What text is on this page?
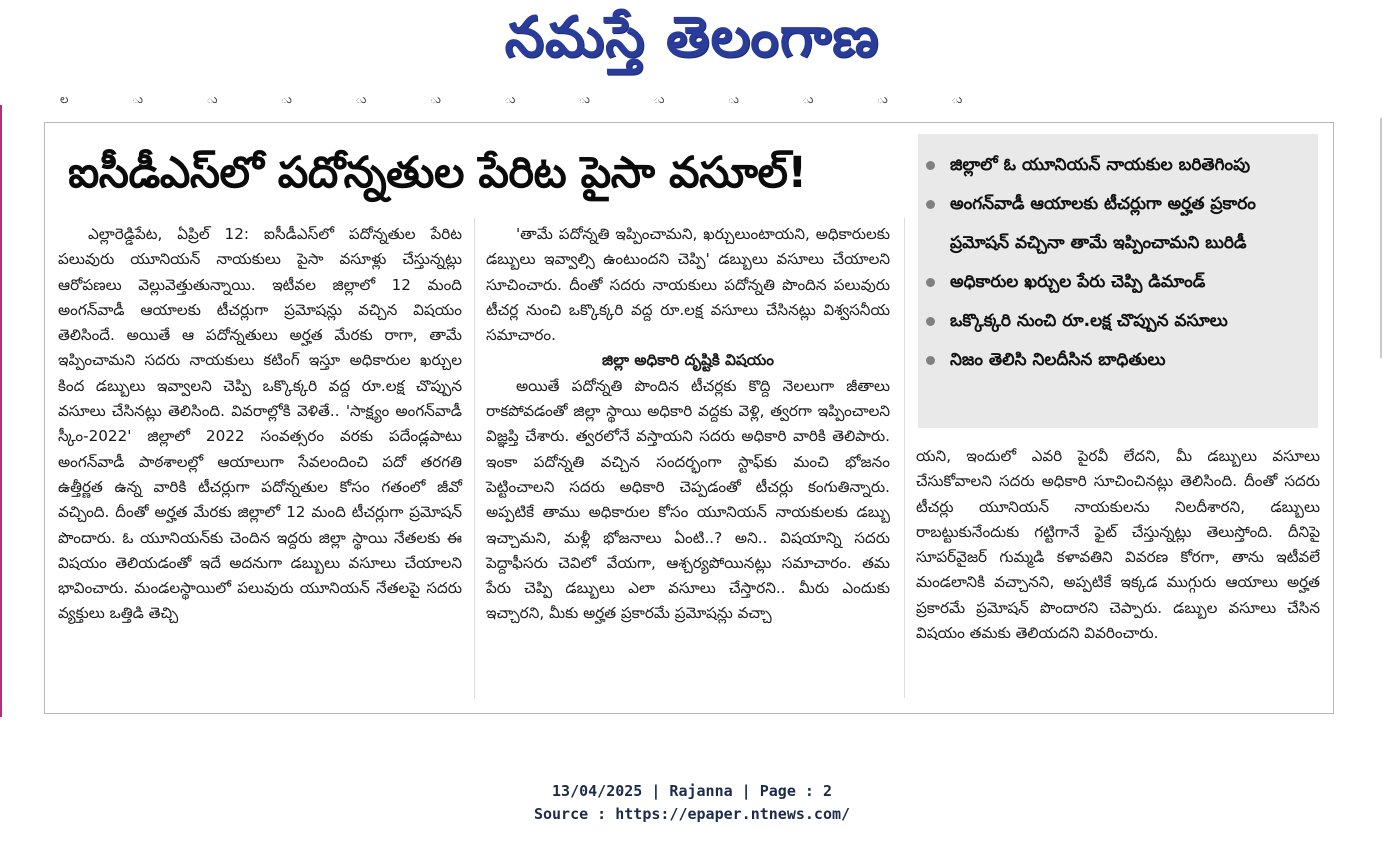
నమస్తే తెలంగాణ
ల ు ు ు ు ు ు ు ు ు ు ు ు
ఐసీడీఎస్‌లో పదోన్నతుల పేరిట పైసా వసూల్‌!	జిల్లాలో ఓ యూనియన్‌ నాయకుల బరితెగింపు
అంగన్‌వాడీ ఆయాలకు టీచర్లుగా అర్హత ప్రకారం ప్రమోషన్‌ వచ్చినా తామే ఇప్పించామని బురిడీ
అధికారుల ఖర్చుల పేరు చెప్పి డిమాండ్‌
ఒక్కొక్కరి నుంచి రూ.లక్ష చొప్పున వసూలు
నిజం తెలిసి నిలదీసిన బాధితులు

ఎల్లారెడ్డిపేట, ఏప్రిల్‌ 12: ఐసీడీఎస్‌లో పదోన్నతుల పేరిట పలువురు యూనియన్‌ నాయకులు పైసా వసూళ్లు చేస్తున్నట్లు ఆరోపణలు వెల్లువెత్తుతున్నాయి. ఇటీవల జిల్లాలో 12 మంది అంగన్‌వాడీ ఆయాలకు టీచర్లుగా ప్రమోషన్లు వచ్చిన విషయం తెలిసిందే. అయితే ఆ పదోన్నతులు అర్హత మేరకు రాగా, తామే ఇప్పించామని సదరు నాయకులు కటింగ్‌ ఇస్తూ అధికారుల ఖర్చుల కింద డబ్బులు ఇవ్వాలని చెప్పి ఒక్కొక్కరి వద్ద రూ.లక్ష చొప్పున వసూలు చేసినట్లు తెలిసింది. వివరాల్లోకి వెళితే.. 'సాక్ష్యం అంగన్‌వాడీ స్కీం-2022' జిల్లాలో 2022 సంవత్సరం వరకు పదేండ్లపాటు అంగన్‌వాడీ పాఠశాలల్లో ఆయాలుగా సేవలందించి పదో తరగతి ఉత్తీర్ణత ఉన్న వారికి టీచర్లుగా పదోన్నతుల కోసం గతంలో జీవో వచ్చింది. దీంతో అర్హత మేరకు జిల్లాలో 12 మంది టీచర్లుగా ప్రమోషన్‌ పొందారు. ఓ యూనియన్‌కు చెందిన ఇద్దరు జిల్లా స్థాయి నేతలకు ఈ విషయం తెలియడంతో ఇదే అదనుగా డబ్బులు వసూలు చేయాలని భావించారు. మండలస్థాయిలో పలువురు యూనియన్‌ నేతలపై సదరు వ్యక్తులు ఒత్తిడి తెచ్చి

'తామే పదోన్నతి ఇప్పించామని, ఖర్చులుంటాయని, అధికారులకు డబ్బులు ఇవ్వాల్సి ఉంటుందని చెప్పి' డబ్బులు వసూలు చేయాలని సూచించారు. దీంతో సదరు నాయకులు పదోన్నతి పొందిన పలువురు టీచర్ల నుంచి ఒక్కొక్కరి వద్ద రూ.లక్ష వసూలు చేసినట్లు విశ్వసనీయ సమాచారం.

జిల్లా అధికారి దృష్టికి విషయం

అయితే పదోన్నతి పొందిన టీచర్లకు కొద్ది నెలలుగా జీతాలు రాకపోవడంతో జిల్లా స్థాయి అధికారి వద్దకు వెళ్లి, త్వరగా ఇప్పించాలని విజ్ఞప్తి చేశారు. త్వరలోనే వస్తాయని సదరు అధికారి వారికి తెలిపారు. ఇంకా పదోన్నతి వచ్చిన సందర్భంగా స్టాఫ్‌కు మంచి భోజనం పెట్టించాలని సదరు అధికారి చెప్పడంతో టీచర్లు కంగుతిన్నారు. అప్పటికే తాము అధికారుల కోసం యూనియన్‌ నాయకులకు డబ్బు ఇచ్చామని, మళ్లీ భోజనాలు ఏంటి..? అని.. విషయాన్ని సదరు పెద్దాఫీసరు చెవిలో వేయగా, ఆశ్చర్యపోయినట్లు సమాచారం. తమ పేరు చెప్పి డబ్బులు ఎలా వసూలు చేస్తారని.. మీరు ఎందుకు ఇచ్చారని, మీకు అర్హత ప్రకారమే ప్రమోషన్లు వచ్చా

యని, ఇందులో ఎవరి పైరవీ లేదని, మీ డబ్బులు వసూలు చేసుకోవాలని సదరు అధికారి సూచించినట్లు తెలిసింది. దీంతో సదరు టీచర్లు యూనియన్‌ నాయకులను నిలదీశారని, డబ్బులు రాబట్టుకునేందుకు గట్టిగానే ఫైట్‌ చేస్తున్నట్లు తెలుస్తోంది. దీనిపై సూపర్‌వైజర్‌ గుమ్మడి కళావతిని వివరణ కోరగా, తాను ఇటీవలే మండలానికి వచ్చానని, అప్పటికే ఇక్కడ ముగ్గురు ఆయాలు అర్హత ప్రకారమే ప్రమోషన్‌ పొందారని చెప్పారు. డబ్బుల వసూలు చేసిన విషయం తమకు తెలియదని వివరించారు.

13/04/2025 | Rajanna | Page : 2
Source : https://epaper.ntnews.com/
